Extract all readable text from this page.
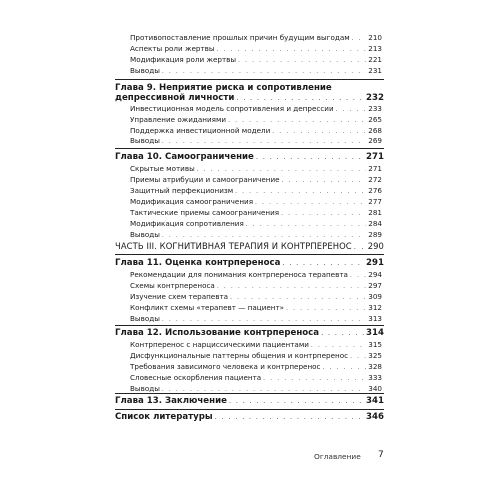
Противопоставление прошлых причин будущим выгодам . . .	210
Аспекты роли жертвы . . .	213
Модификация роли жертвы . . .	221
Выводы . . .	231
Глава 9. Неприятие риска и сопротивление
депрессивной личности . . .	232
Инвестиционная модель сопротивления и депрессии . . .	233
Управление ожиданиями . . .	265
Поддержка инвестиционной модели . . .	268
Выводы . . .	269
Глава 10. Самоограничение . . .	271
Скрытые мотивы . . .	271
Приемы атрибуции и самоограничение . . .	272
Защитный перфекционизм . . .	276
Модификация самоограничения . . .	277
Тактические приемы самоограничения . . .	281
Модификация сопротивления . . .	284
Выводы . . .	289
ЧАСТЬ III. КОГНИТИВНАЯ ТЕРАПИЯ И КОНТРПЕРЕНОС . . . 290
Глава 11. Оценка контрпереноса . . .	291
Рекомендации для понимания контрпереноса терапевта . . .	294
Схемы контрпереноса . . .	297
Изучение схем терапевта . . .	309
Конфликт схемы «терапевт — пациент» . . .	312
Выводы . . .	313
Глава 12. Использование контрпереноса . . .	314
Контрперенос с нарциссическими пациентами . . .	315
Дисфункциональные паттерны общения и контрперенос . . .	325
Требования зависимого человека и контрперенос . . .	328
Словесные оскорбления пациента . . .	333
Выводы . . .	340
Глава 13. Заключение . . .	341
Список литературы . . .	346
Оглавление 7
